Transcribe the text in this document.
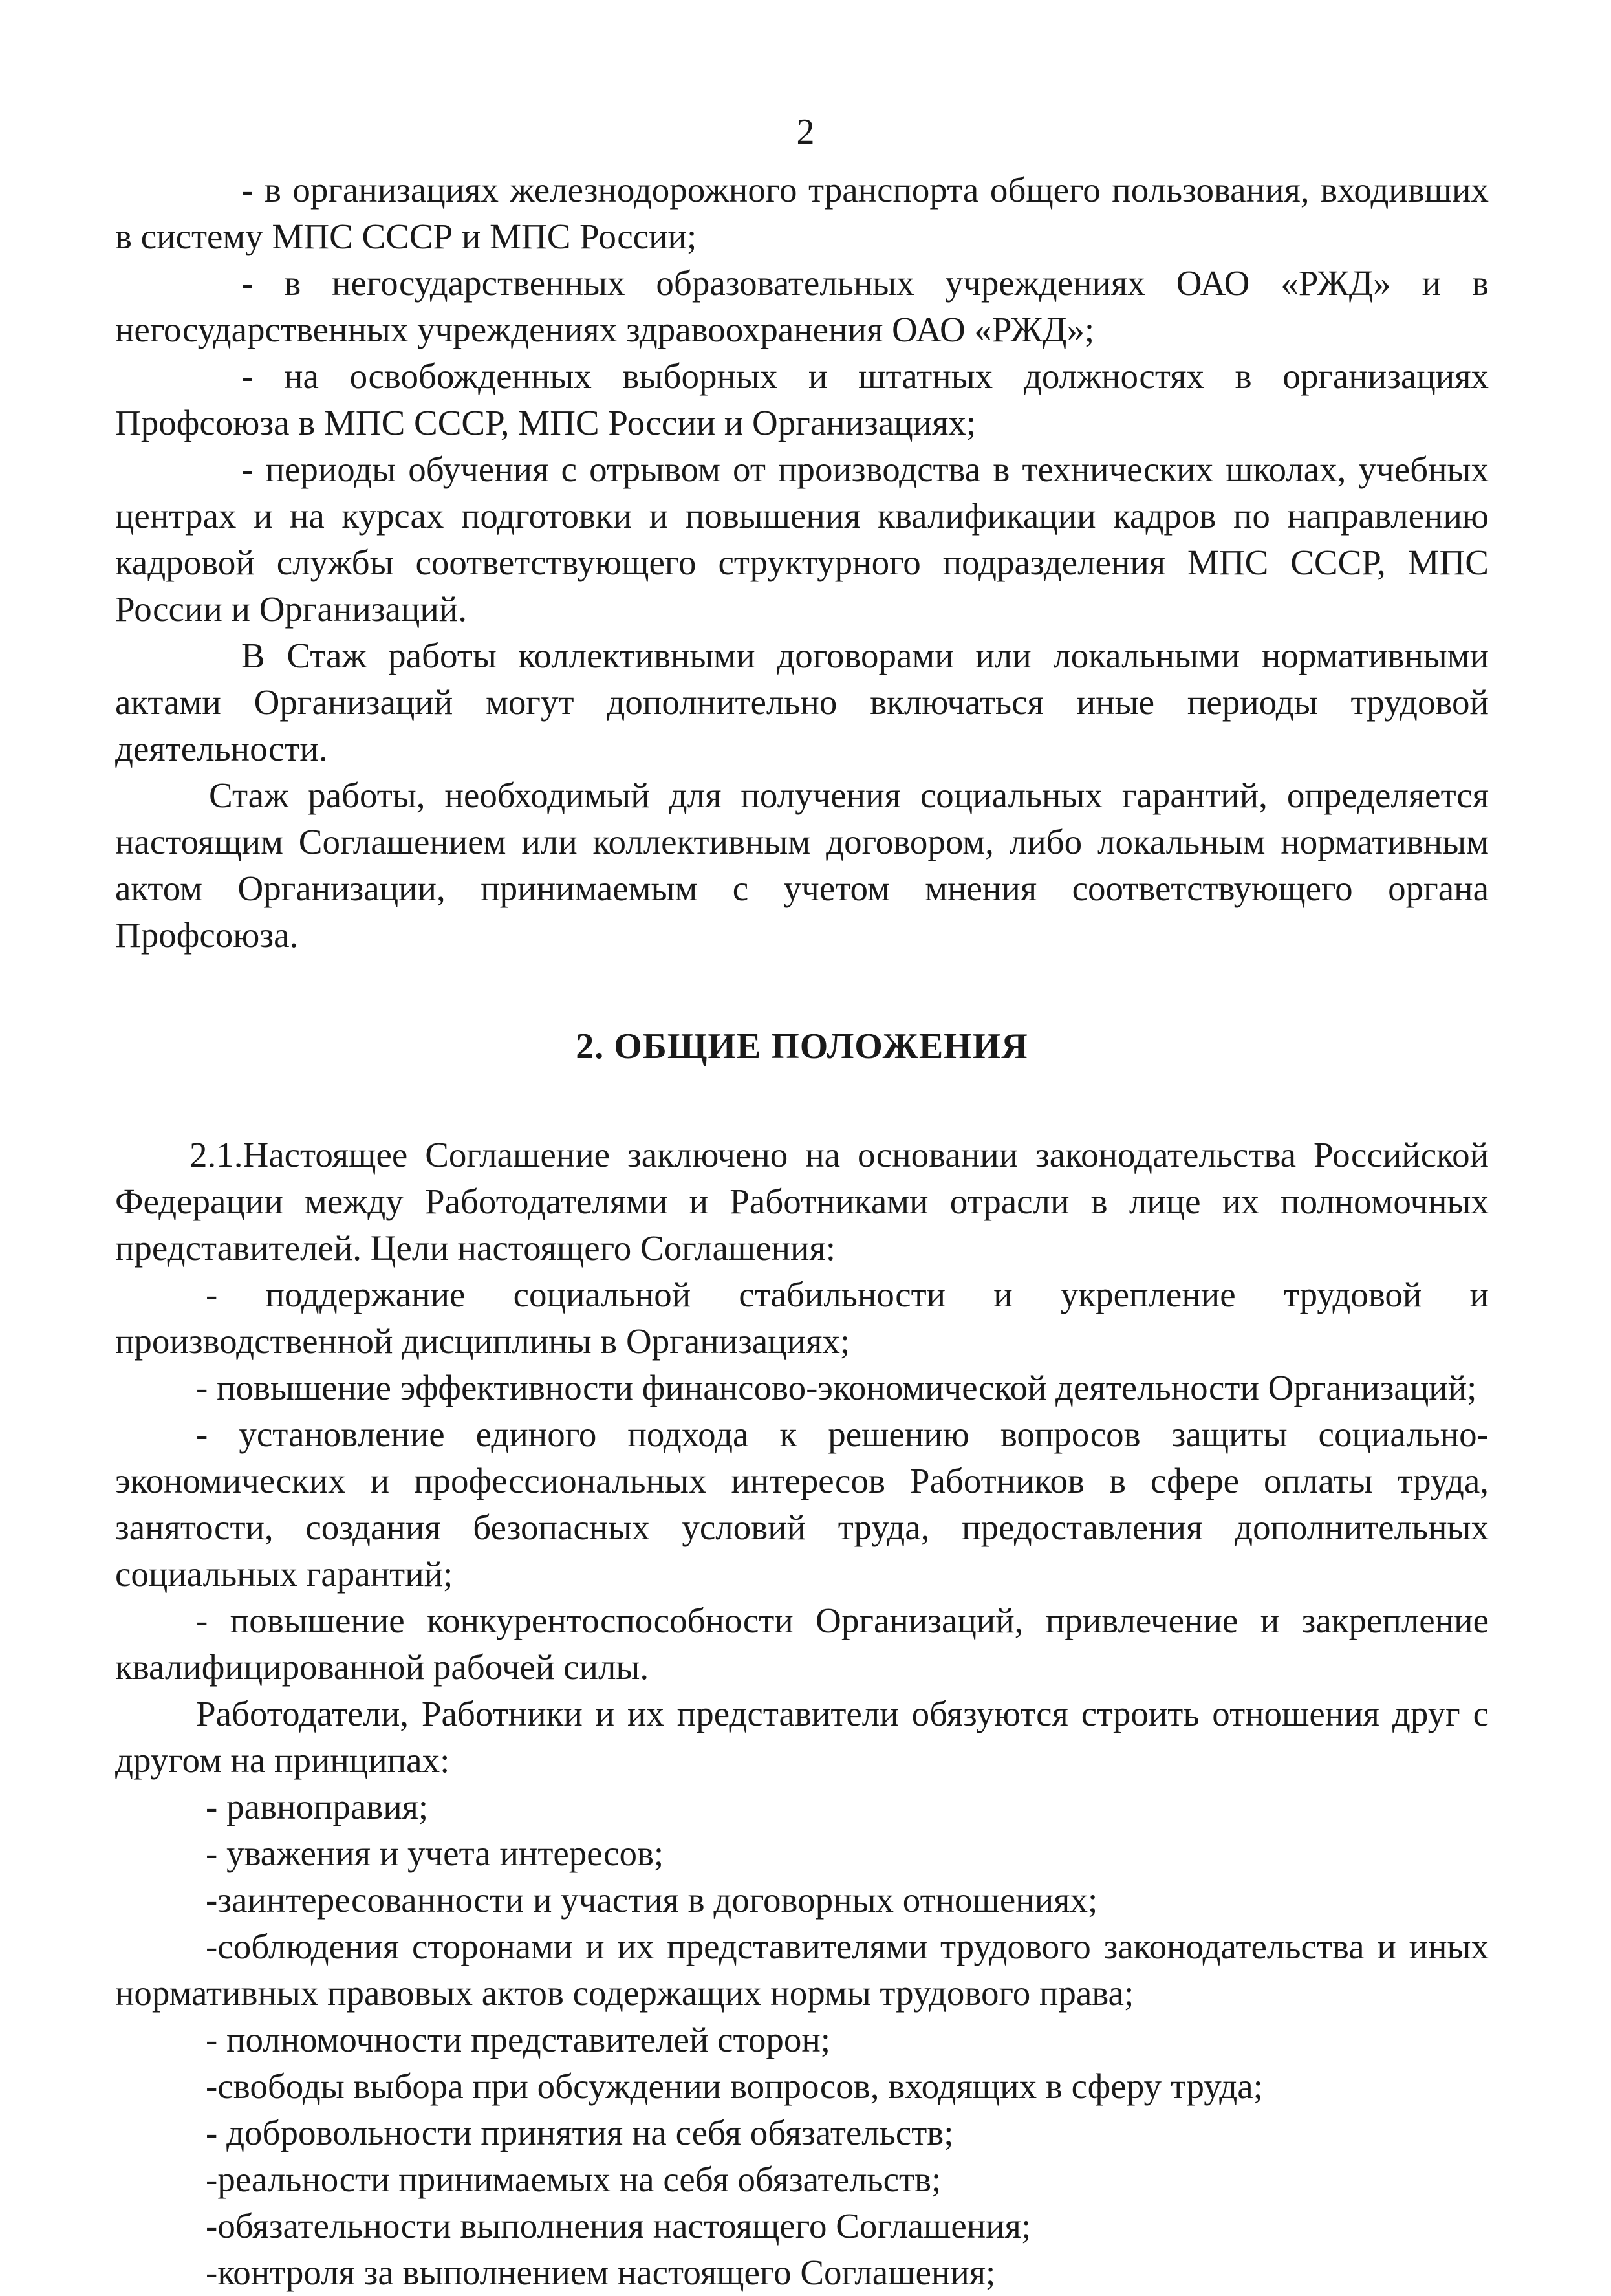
2

- в организациях железнодорожного транспорта общего пользования, входивших в систему МПС СССР и МПС России;

- в негосударственных образовательных учреждениях ОАО «РЖД» и в негосударственных учреждениях здравоохранения ОАО «РЖД»;

- на освобожденных выборных и штатных должностях в организациях Профсоюза в МПС СССР, МПС России и Организациях;

- периоды обучения с отрывом от производства в технических школах, учебных центрах и на курсах подготовки и повышения квалификации кадров по направлению кадровой службы соответствующего структурного подразделения МПС СССР, МПС России и Организаций.

В Стаж работы коллективными договорами или локальными нормативными актами Организаций могут дополнительно включаться иные периоды трудовой деятельности.

Стаж работы, необходимый для получения социальных гарантий, определяется настоящим Соглашением или коллективным договором, либо локальным нормативным актом Организации, принимаемым с учетом мнения соответствующего органа Профсоюза.

2. ОБЩИЕ ПОЛОЖЕНИЯ

2.1.Настоящее Соглашение заключено на основании законодательства Российской Федерации между Работодателями и Работниками отрасли в лице их полномочных представителей. Цели настоящего Соглашения:

- поддержание социальной стабильности и укрепление трудовой и производственной дисциплины в Организациях;

- повышение эффективности финансово-экономической деятельности Организаций;

- установление единого подхода к решению вопросов защиты социально-экономических и профессиональных интересов Работников в сфере оплаты труда, занятости, создания безопасных условий труда, предоставления дополнительных социальных гарантий;

- повышение конкурентоспособности Организаций, привлечение и закрепление квалифицированной рабочей силы.

Работодатели, Работники и их представители обязуются строить отношения друг с другом на принципах:

- равноправия;

- уважения и учета интересов;

-заинтересованности и участия в договорных отношениях;

-соблюдения сторонами и их представителями трудового законодательства и иных нормативных правовых актов содержащих нормы трудового права;

- полномочности представителей сторон;

-свободы выбора при обсуждении вопросов, входящих в сферу труда;

- добровольности принятия на себя обязательств;

-реальности принимаемых на себя обязательств;

-обязательности выполнения настоящего Соглашения;

-контроля за выполнением настоящего Соглашения;
